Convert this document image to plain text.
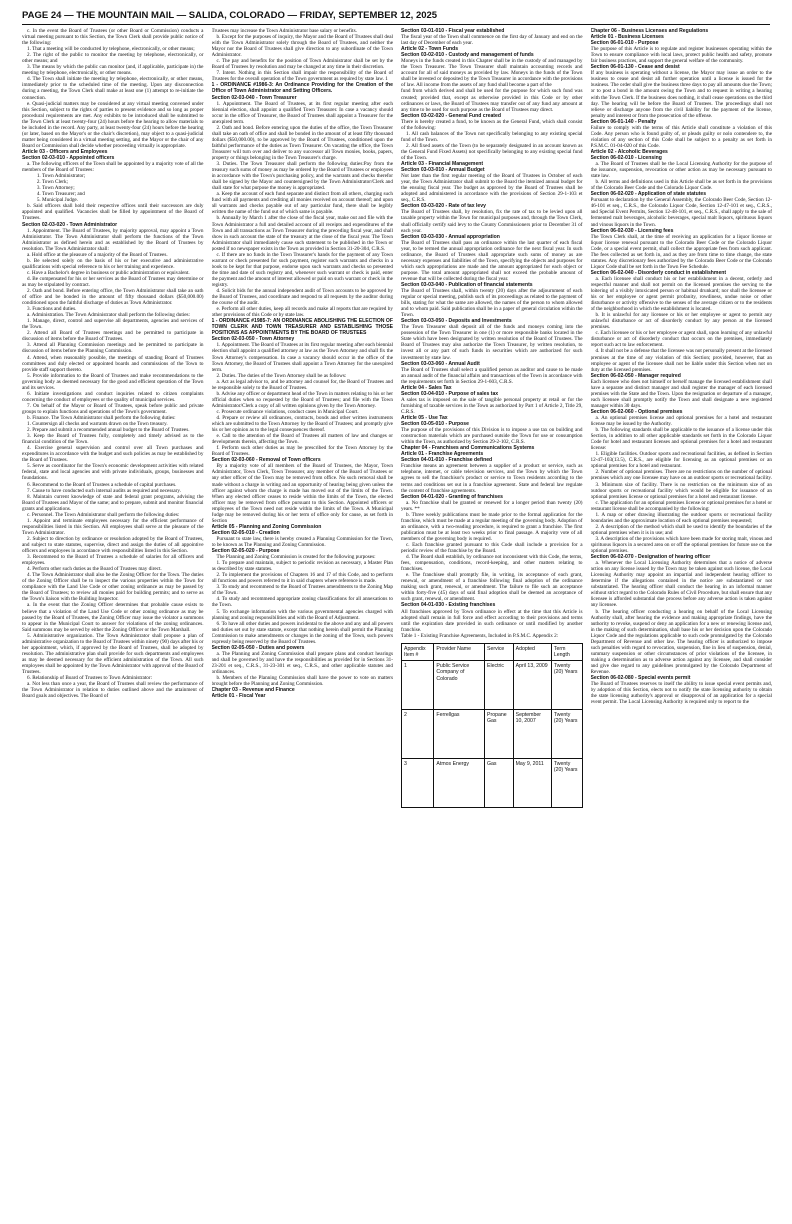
PAGE 24 — THE MOUNTAIN MAIL — SALIDA, COLORADO — FRIDAY, SEPTEMBER 12, 2025

c. In the event the Board of Trustees (or other Board or Commission) conducts a virtual meeting pursuant to this Section, the Town Clerk shall provide public notice of the following:

1. That a meeting will be conducted by telephone, electronically, or other means;

2. The right of the public to monitor the meeting by telephone, electronically, or other means; and

3. The means by which the public can monitor (and, if applicable, participate in) the meeting by telephone, electronically, or other means.

d. The Town shall initiate the meeting by telephone, electronically, or other means, immediately prior to the scheduled time of the meeting. Upon any disconnection during a meeting, the Town Clerk shall make at least one (1) attempt to re-initiate the connection.

e. Quasi-judicial matters may be considered at any virtual meeting convened under this Section, subject to the rights of parties to present evidence and so long as proper procedural requirements are met. Any exhibits to be introduced shall be submitted to the Town Clerk at least twenty-four (24) hours before the hearing to allow materials to be included in the record. Any party, at least twenty-four (24) hours before the hearing (or later, based on the Mayor's or the chair's discretion), may object to a quasi-judicial matter being considered in a virtual meeting setting, and the Mayor or the chair of any Board or Commission shall decide whether proceeding virtually is appropriate.

Article 03 - Officers and Employees

Section 02-03-010 - Appointed officers

a. The following officers of the Town shall be appointed by a majority vote of all the members of the Board of Trustees:

1. Town Administrator;
2. Town Clerk;
3. Town Attorney;
4. Town Treasurer; and
5. Municipal Judge.

b. Said officers shall hold their respective offices until their successors are duly appointed and qualified. Vacancies shall be filled by appointment of the Board of Trustees.

Section 02-03-020 - Town Administrator

1. Appointment. The Board of Trustees, by majority approval, may appoint a Town Administrator. The Town Administrator shall perform the functions of the Town Administrator as defined herein and as established by the Board of Trustees by resolution. The Town Administrator shall:

a. Hold office at the pleasure of a majority of the Board of Trustees.

b. Be selected solely on the basis of his or her executive and administrative qualifications with special reference to his or her training and experience.

c. Have a Bachelor's degree in business or public administration or equivalent.

d. Be compensated for his or her services as the Board of Trustees may determine or as may be stipulated by contract.

2. Oath and bond. Before entering office, the Town Administrator shall take an oath of office and be bonded in the amount of fifty thousand dollars ($50,000.00) conditioned upon the faithful discharge of duties as Town Administrator.

3. Functions and duties.

a. Administration. The Town Administrator shall perform the following duties:

1. Manage, direct, control and supervise all departments, agencies and services of the Town.

2. Attend all Board of Trustees meetings and be permitted to participate in discussion of items before the Board of Trustees.

3. Attend all Planning Commission meetings and be permitted to participate in discussion of items before the Planning Commission.

4. Attend, when reasonably possible, the meetings of standing Board of Trustees committees and duly elected or appointed boards and commissions of the Town to provide staff support thereto.

5. Provide information to the Board of Trustees and make recommendations to the governing body as deemed necessary for the good and efficient operation of the Town and its services.

6. Initiate investigations and conduct inquiries related to citizen complaints concerning the conduct of employees or the quality of municipal services.

7. On behalf of the Mayor or Board of Trustees, speak before public and private groups to explain functions and operations of the Town's government.

b. Finance. The Town Administrator shall perform the following duties:

1. Countersign all checks and warrants drawn on the Town treasury.

2. Prepare and submit a recommended annual budget to the Board of Trustees.

3. Keep the Board of Trustees fully, completely and timely advised as to the financial condition of the Town.

4. Exercise general supervision and control over all Town purchases and expenditures in accordance with the budget and such policies as may be established by the Board of Trustees.

5. Serve as coordinator for the Town's economic development activities with related federal, state and local agencies and with private individuals, groups, businesses and foundations.

6. Recommend to the Board of Trustees a schedule of capital purchases.

7. Cause to have conducted such internal audits as required and necessary.

8. Maintain current knowledge of state and federal grant programs, advising the Board of Trustees and Mayor of the same; and to prepare, submit and monitor financial grants and applications.

c. Personnel. The Town Administrator shall perform the following duties:

1. Appoint and terminate employees necessary for the efficient performance of responsibilities listed in this Section. All employees shall serve at the pleasure of the Town Administrator.

2. Subject to direction by ordinance or resolution adopted by the Board of Trustees, and subject to state statutes, supervise, direct and assign the duties of all appointive officers and employees in accordance with responsibilities listed in this Section.

3. Recommend to the Board of Trustees a schedule of salaries for all officers and employees.

4. Perform other such duties as the Board of Trustees may direct.

4. The Town Administrator shall also be the Zoning Officer for the Town. The duties of the Zoning Officer shall be to inspect the various properties within the Town for compliance with the Land Use Code or other zoning ordinance as may be passed by the Board of Trustees; to review all monies paid for building permits; and to serve as the Town's liaison with the Building Inspector.

a. In the event that the Zoning Officer determines that probable cause exists to believe that a violation of the Land Use Code or other zoning ordinance as may be passed by the Board of Trustees, the Zoning Officer may issue the violator a summons to appear in the Municipal Court to answer for violations of the zoning ordinances. Said summons may be served by either the Zoning Officer or the Town Marshall.

5. Administrative organization. The Town Administrator shall propose a plan of administrative organization to the Board of Trustees within ninety (90) days after his or her appointment, which, if approved by the Board of Trustees, shall be adopted by resolution. The administrative plan shall provide for such departments and employees as may be deemed necessary for the efficient administration of the Town. All such employees shall be appointed by the Town Administrator with approval of the Board of Trustees.

6. Relationship of Board of Trustees to Town Administrator:

a. Not less than once a year, the Board of Trustees shall review the performance of the Town Administrator in relation to duties outlined above and the attainment of Board goals and objectives. The Board of

Trustees may increase the Town Administrator base salary or benefits.

b. Except for the purposes of inquiry, the Mayor and the Board of Trustees shall deal with the Town Administrator solely through the Board of Trustees, and neither the Mayor nor the Board of Trustees shall give direction to any subordinate of the Town Administrator.

c. The pay and benefits for the position of Town Administrator shall be set by the Board of Trustees by resolution and may be changed at any time in their discretion.

7. Intent. Nothing in this Section shall impair the responsibility of the Board of Trustees for the overall operation of the Town government as required by state law. 1

1 - ORDINANCE #1986-3: An Ordinance Providing for the Creation of the Office of Town Administrator and Setting Officers.

Section 02-03-040 - Town Treasurer

1. Appointment. The Board of Trustees, at its first regular meeting after each biennial election, shall appoint a qualified Town Treasurer. In case a vacancy should occur in the office of Treasurer, the Board of Trustees shall appoint a Treasurer for the unexpired term.

2. Oath and bond. Before entering upon the duties of the office, the Town Treasurer shall take an oath of office and shall be bonded in the amount of at least fifty thousand dollars ($50,000.00), to be approved by the Board of Trustees, conditioned upon the faithful performance of the duties as Town Treasurer. On vacating the office, the Town Treasurer will turn over and deliver to any successor all Town monies, books, papers, property or things belonging in the Town Treasurer's charge.

3. Duties. The Town Treasurer shall perform the following duties:Pay from the treasury such sums of money as may be ordered by the Board of Trustees or employees in accordance with the Town's purchasing policy, and the warrants and checks therefor shall be signed by the Mayor and countersigned by the Town Administrator/Clerk and shall state for what purpose the money is appropriated.

a. Keep the account of each fund separate and distinct from all others, charging such fund with all payments and crediting all monies received on account thereof; and upon all warrants and checks payable out of any particular fund, there shall be legibly written the name of the fund out of which same is payable.

b. Annually by March 1 after the close of the fiscal year, make out and file with the Town Administrator a full and detailed account of all receipts and expenditures of the Town and all transactions as Town Treasurer during the preceding fiscal year, and shall show in such account the state of the treasury at the close of the fiscal year. The Town Administrator shall immediately cause such statement to be published in the Town or posted if no newspaper exists in the Town as provided in Section 31-20-304, C.R.S.

c. If there are no funds in the Town Treasurer's hands for the payment of any Town warrant or check presented for such payment, register such warrants and checks in a book to be kept for that purpose, endorse upon such warrants and checks so presented the time and date of such registry and, whenever such warrant or check is paid, enter the payment and the amount of interest allowed or paid on such warrant or check in the registry.

d. Solicit bids for the annual independent audit of Town accounts to be approved by the Board of Trustees, and coordinate and respond to all requests by the auditor during the course of the audit.

e. Perform all other duties, keep all records and make all reports that are required by other provisions of this Code or by state law.

1 - ORDINANCE #1985-7: AN ORDINANCE ABOLISHING THE ELECTION OF TOWN CLERK AND TOWN TREASURER AND ESTABLISHING THOSE POSITIONS AS APPOINTMENTS BY THE BOARD OF TRUSTEES

Section 02-03-050 - Town Attorney

1. Appointment. The Board of Trustees at its first regular meeting after each biennial election shall appoint a qualified attorney at law as the Town Attorney and shall fix the Town Attorney's compensation. In case a vacancy should occur in the office of the Town Attorney, the Board of Trustees shall appoint a Town Attorney for the unexpired term.

2. Duties. The duties of the Town Attorney shall be as follows:

a. Act as legal advisor to, and be attorney and counsel for, the Board of Trustees and be responsible solely to the Board of Trustees.

b. Advise any officer or department head of the Town in matters relating to his or her official duties when so requested by the Board of Trustees; and file with the Town Administrator/Clerk a copy of all written opinions given by the Town Attorney.

c. Prosecute ordinance violations, conduct cases in Municipal Court.

d. Prepare or review all ordinances, contracts, bonds and other written instruments which are submitted to the Town Attorney by the Board of Trustees; and promptly give his or her opinion as to the legal consequences thereof.

e. Call to the attention of the Board of Trustees all matters of law and changes or developments therein, affecting the Town.

f. Perform such other duties as may be prescribed for the Town Attorney by the Board of Trustees.

Section 02-03-060 - Removal of Town officers

By a majority vote of all members of the Board of Trustees, the Mayor, Town Administrator, Town Clerk, Town Treasurer, any member of the Board of Trustees or any other officer of the Town may be removed from office. No such removal shall be made without a charge in writing and an opportunity of hearing being given unless the officer against whom the charge is made has moved out of the limits of the Town. When any elected officer ceases to reside within the limits of the Town, the elected officer may be removed from office pursuant to this Section. Appointed officers or employees of the Town need not reside within the limits of the Town. A Municipal Judge may be removed during his or her term of office only for cause, as set forth in Section

Article 05 - Planning and Zoning Commission

Section 02-05-010 - Creation

Pursuant to state law, there is hereby created a Planning Commission for the Town, to be known as The Planning and Zoning Commission.

Section 02-05-020 - Purpose

The Planning and Zoning Commission is created for the following purposes:

1. To prepare and maintain, subject to periodic revision as necessary, a Master Plan as described by state statutes.

2. To implement the provisions of Chapters 16 and 17 of this Code, and to perform all functions and powers referred to it in said chapters where reference is made.

3. To study and recommend to the Board of Trustees amendments to the Zoning Map of the Town.

4. To study and recommend appropriate zoning classifications for all annexations to the Town.

5. To exchange information with the various governmental agencies charged with planning and zoning responsibilities and with the Board of Adjustment.

6. To have all other duties and powers incidental to the above and any and all powers and duties set out by state statute, except that nothing herein shall permit the Planning Commission to make amendments or changes in the zoning of the Town, such powers expressly being reserved by the Board of Trustees.

Section 02-05-050 - Duties and powers

a. The Planning and Zoning Commission shall prepare plans and conduct hearings and shall be governed by and have the responsibilities as provided for in Sections 31-23-201 et seq., C.R.S., 31-23-301 et seq., C.R.S., and other applicable statutes and ordinances.

b. Members of the Planning Commission shall have the power to vote on matters brought before the Planning and Zoning Commission.

Chapter 03 - Revenue and Finance

Article 01 - Fiscal Year

Section 03-01-010 - Fiscal year established

The fiscal year of the Town shall commence on the first day of January and end on the last day of December of each year.

Article 02 - Town Funds

Section 03-02-010 - Custody and management of funds

Moneys in the funds created in this Chapter shall be in the custody of and managed by the Town Treasurer. The Town Treasurer shall maintain accounting records and account for all of said moneys as provided by law. Moneys in the funds of the Town shall be invested or deposited by the Town Treasurer in accordance with the provisions of law. All income from the assets of any fund shall become a part of the

fund from which derived and shall be used for the purpose for which such fund was created; provided that, except as otherwise provided in this Code or by other ordinances or laws, the Board of Trustees may transfer out of any fund any amount at any time to be used for such purpose as the Board of Trustees may direct.

Section 03-02-020 - General Fund created

There is hereby created a fund, to be known as the General Fund, which shall consist of the following:

1. All cash balances of the Town not specifically belonging to any existing special fund of the Town.

2. All fixed assets of the Town (to be separately designated in an account known as the General Fund Fixed Assets) not specifically belonging to any existing special fund of the Town.

Article 03 - Financial Management

Section 03-03-010 - Annual Budget

Not later than the first regular meeting of the Board of Trustees in October of each year, the Town Administrator shall submit to the Board the itemized annual budget for the ensuing fiscal year. The budget as approved by the Board of Trustees shall be adopted and administered in accordance with the provisions of Section 29-1-103 et seq., C.R.S.

Section 03-03-020 - Rate of tax levy

The Board of Trustees shall, by resolution, fix the rate of tax to be levied upon all taxable property within the Town for municipal purposes and, through the Town Clerk, shall officially certify said levy to the County Commissioners prior to December 31 of each year.

Section 03-03-030 - Annual appropriation

The Board of Trustees shall pass an ordinance within the last quarter of each fiscal year, to be termed the annual appropriation ordinance for the next fiscal year. In such ordinance, the Board of Trustees shall appropriate such sums of money as are necessary expenses and liabilities of the Town, specifying the objects and purposes for which such appropriations are made and the amount appropriated for each object or purpose. The total amount appropriated shall not exceed the probable amount of revenue that will be collected during the fiscal year.

Section 03-03-040 - Publication of financial statements

The Board of Trustees shall, within twenty (20) days after the adjournment of each regular or special meeting, publish such of its proceedings as related to the payment of bills, stating for what the same are allowed, the names of the person to whom allowed and to whom paid. Said publication shall be in a paper of general circulation within the Town.

Section 03-03-050 - Deposits and Investments

The Town Treasurer shall deposit all of the funds and moneys coming into the possession of the Town Treasurer in one (1) or more responsible banks located in the State which have been designated by written resolution of the Board of Trustees. The Board of Trustees may also authorize the Town Treasurer, by written resolution, to invest all or any part of such funds in securities which are authorized for such investment by state law.

Section 03-03-060 - Annual Audit

The Board of Trustees shall select a qualified person as auditor and cause to be made an annual audit of the financial affairs and transactions of the Town in accordance with the requirements set forth in Section 29-1-603, C.R.S.

Article 04 - Sales Tax

Section 03-04-010 - Purpose of sales tax

A sales tax is imposed on the sale of tangible personal property at retail or for the furnishing of taxable services in the Town as authorized by Part 1 of Article 2, Title 29, C.R.S.

Article 05 - Use Tax

Section 03-05-010 - Purpose

The purpose of the provisions of this Division is to impose a use tax on building and construction materials which are purchased outside the Town for use or consumption within the Town, as authorized by Section 29-2-102, C.R.S.

Chapter 04 - Franchises and Communications Systems

Article 01 - Franchise Agreements

Section 04-01-010 - Franchise defined

Franchise means an agreement between a supplier of a product or service, such as telephone, internet, or cable television services, and the Town by which the Town agrees to sell the franchisor's product or service to Town residents according to the terms and conditions set out in a franchise agreement. State and federal law regulate the content of franchise agreements.

Section 04-01-020 - Granting of franchises

a. No franchise shall be granted or renewed for a longer period than twenty (20) years. **

b. Three weekly publications must be made prior to the formal application for the franchise, which must be made at a regular meeting of the governing body. Adoption of an ordinance, with a two-reading procedure, is required to grant a franchise. The first publication must be at least two weeks prior to final passage. A majority vote of all members of the governing body is required.

c. Each franchise granted pursuant to this Code shall include a provision for a periodic review of the franchise by the Board.

d. The Board shall establish, by ordinance not inconsistent with this Code, the terms, fees, compensation, conditions, record-keeping, and other matters relating to franchises.

e. The franchisee shall promptly file, in writing, its acceptance of each grant, renewal, or amendment of a franchise following final adoption of the ordinance making such grant, renewal, or amendment. The failure to file such an acceptance within forty-five (45) days of said final adoption shall be deemed an acceptance of such grant, renewal, or amendment.

Section 04-01-030 - Existing franchises

All franchises approved by Town ordinance in effect at the time that this Article is adopted shall remain in full force and effect according to their provisions and terms until the expiration date provided in such ordinance or until modified by another franchise.

Table 1 - Existing Franchise Agreements, Included in P.S.M.C. Appendix 2:

Appendix Item #	Provider Name	Service	Adopted	Term Length
1	Public Service Company of Colorado	Electric	April 13, 2009	Twenty (20) Years
2	Ferrellgas	Propane Gas	September 10, 2007	Twenty (20) Years
3	Atmos Energy	Gas	May 9, 2011	Twenty (20) Years

Chapter 06 - Business Licenses and Regulations

Article 01 - Business Licenses

Section 06-01-010 - Purpose

The purpose of this Article is to regulate and register businesses operating within the Town to ensure compliance with local laws, protect public health and safety, promote fair business practices, and support the general welfare of the community.

Section 06-01-130 - Cease and desist

If any business is operating without a license, the Mayor may issue an order to the business to cease and desist all further operation until a license is issued for the business. The order shall give the business three days to pay all amounts due the Town; or to post a bond in the amount owing the Town and to request in writing a hearing with the Town Clerk. If the business does nothing, it shall cease operations on the third day. The hearing will be before the Board of Trustees. The proceedings shall not relieve or discharge anyone from the civil liability for the payment of the license, penalty and interest or from the prosecution of the offense.

Section 06-01-140 - Penalty

Failure to comply with the terms of this Article shall constitute a violation of this Code. Any person who is found guilty of, or pleads guilty or nolo contendere to, the violation of any section of this Code shall be subject to a penalty as set forth in P.S.M.C. 01-04-020 of this Code.

Article 02 - Alcoholic Beverages

Section 06-02-010 - Licensing

a. The Board of Trustees shall be the Local Licensing Authority for the purpose of the issuance, suspension, revocation or other action as may be necessary pursuant to state law.

b. All terms and definitions used in this Article shall be as set forth in the provisions of the Colorado Beer Code and the Colorado Liquor Code.

Section 06-02-020 - Application of state statutes

Pursuant to declaration by the General Assembly, the Colorado Beer Code, Section 12-46-101 et seq., C.R.S., the Colorado Liquor Code, Section 12-47-101 et seq., C.R.S., and Special Event Permits, Section 12-48-101, et seq., C.R.S., shall apply to the sale of fermented malt beverages, alcoholic beverages, special malt liquors, spirituous liquors and vinous liquors in the Town.

Section 06-02-030 - Licensing fees

The Town Clerk shall, at the time of receiving an application for a liquor license or liquor license renewal pursuant to the Colorado Beer Code or the Colorado Liquor Code, or a special event permit, shall collect the appropriate fees from such applicant. The fees collected as set forth in, and as they are from time to time change, the state statutes. Any discretionary fees authorized by the Colorado Beer Code or the Colorado Liquor Code shall be set forth in the Town Fee Schedule.

Section 06-02-040 - Disorderly conduct in establishment

a. Each licensee shall conduct his or her establishment in a decent, orderly and respectful manner and shall not permit on the licensed premises the serving to the loitering of a visibly intoxicated person or habitual drunkard; nor shall the licensee or his or her employee or agent permit profanity, rowdiness, undue noise or other disturbance or activity offensive to the senses of the average citizen or to the residents of the neighborhood in which the establishment is located.

b. It is unlawful for any licensee or his or her employee or agent to permit any unlawful disturbance or act of disorderly conduct by any person at the licensed premises.

c. Each licensee or his or her employee or agent shall, upon learning of any unlawful disturbance or act of disorderly conduct that occurs on the premises, immediately report such act to law enforcement.

d. It shall not be a defense that the licensee was not personally present at the licensed premises at the time of any violation of this Section; provided, however, that an employee or agent of the licensee shall not be liable under this Section when not on duty at the licensed premises.

Section 06-02-050 - Manager required

Each licensee who does not himself or herself manage the licensed establishment shall have a separate and distinct manager and shall register the manager of each licensed premises with the State and the Town. Upon the resignation or departure of a manager, each licensee shall promptly notify the Town and shall designate a new registered manager within 30 days.

Section 06-02-060 - Optional premises

a. An optional premises license and optional premises for a hotel and restaurant license may be issued by the Authority.

b. The following standards shall be applicable to the issuance of a license under this Section, in addition to all other applicable standards set forth in the Colorado Liquor Code for hotel and restaurant licenses and optional premises for a hotel and restaurant license:

1. Eligible facilities. Outdoor sports and recreational facilities, as defined in Section 12-47-103(13.5), C.R.S., are eligible for licensing as an optional premises or an optional premises for a hotel and restaurant.

2. Number of optional premises. There are no restrictions on the number of optional premises which any one licensee may have on an outdoor sports or recreational facility.

3. Minimum size of facility. There is no restriction on the minimum size of an outdoor sports or recreational facility which would be eligible for issuance of an optional premises license or optional premises for a hotel and restaurant license.

c. The application for an optional premises license or optional premises for a hotel or restaurant license shall be accompanied by the following:

1. A map or other drawing illustrating the outdoor sports or recreational facility boundaries and the approximate location of each optional premises requested;

2. A description of the method which shall be used to identify the boundaries of the optional premises when it is in use; and

3. A description of the provisions which have been made for storing malt, vinous and spirituous liquors in a secured area on or off the optional premises for future use on the optional premises.

Section 06-02-070 - Designation of hearing officer

a. Whenever the Local Licensing Authority determines that a notice of adverse action on any license issued by the Town may be taken against such license, the Local Licensing Authority may appoint an impartial and independent hearing officer to determine if the allegations contained in the notice are substantiated or not substantiated. The hearing officer shall conduct the hearing in an informal manner without strict regard to the Colorado Rules of Civil Procedure, but shall ensure that any licensee is afforded substantial due process before any adverse action is taken against any licensee.

b. The hearing officer conducting a hearing on behalf of the Local Licensing Authority shall, after hearing the evidence and making appropriate findings, have the authority to revoke, suspend or deny an application for a new or renewing license and, in the making of such determination, shall base his or her decision upon the Colorado Liquor Code and the regulations applicable to such code promulgated by the Colorado Department of Revenue and other law. The hearing officer is authorized to impose such penalties with regard to revocation, suspension, fine in lieu of suspension, denial, summary suspension or other circumstances of prior violations of the licensee, in making a determination as to adverse action against any licensee, and shall consider and give due regard to any guidelines promulgated by the Colorado Department of Revenue.

Section 06-02-080 - Special events permit

The Board of Trustees reserves to itself the ability to issue special event permits and, by adoption of this Section, elects not to notify the state licensing authority to obtain the state licensing authority's approval or disapproval of an application for a special event permit. The Local Licensing Authority is required only to report to the
